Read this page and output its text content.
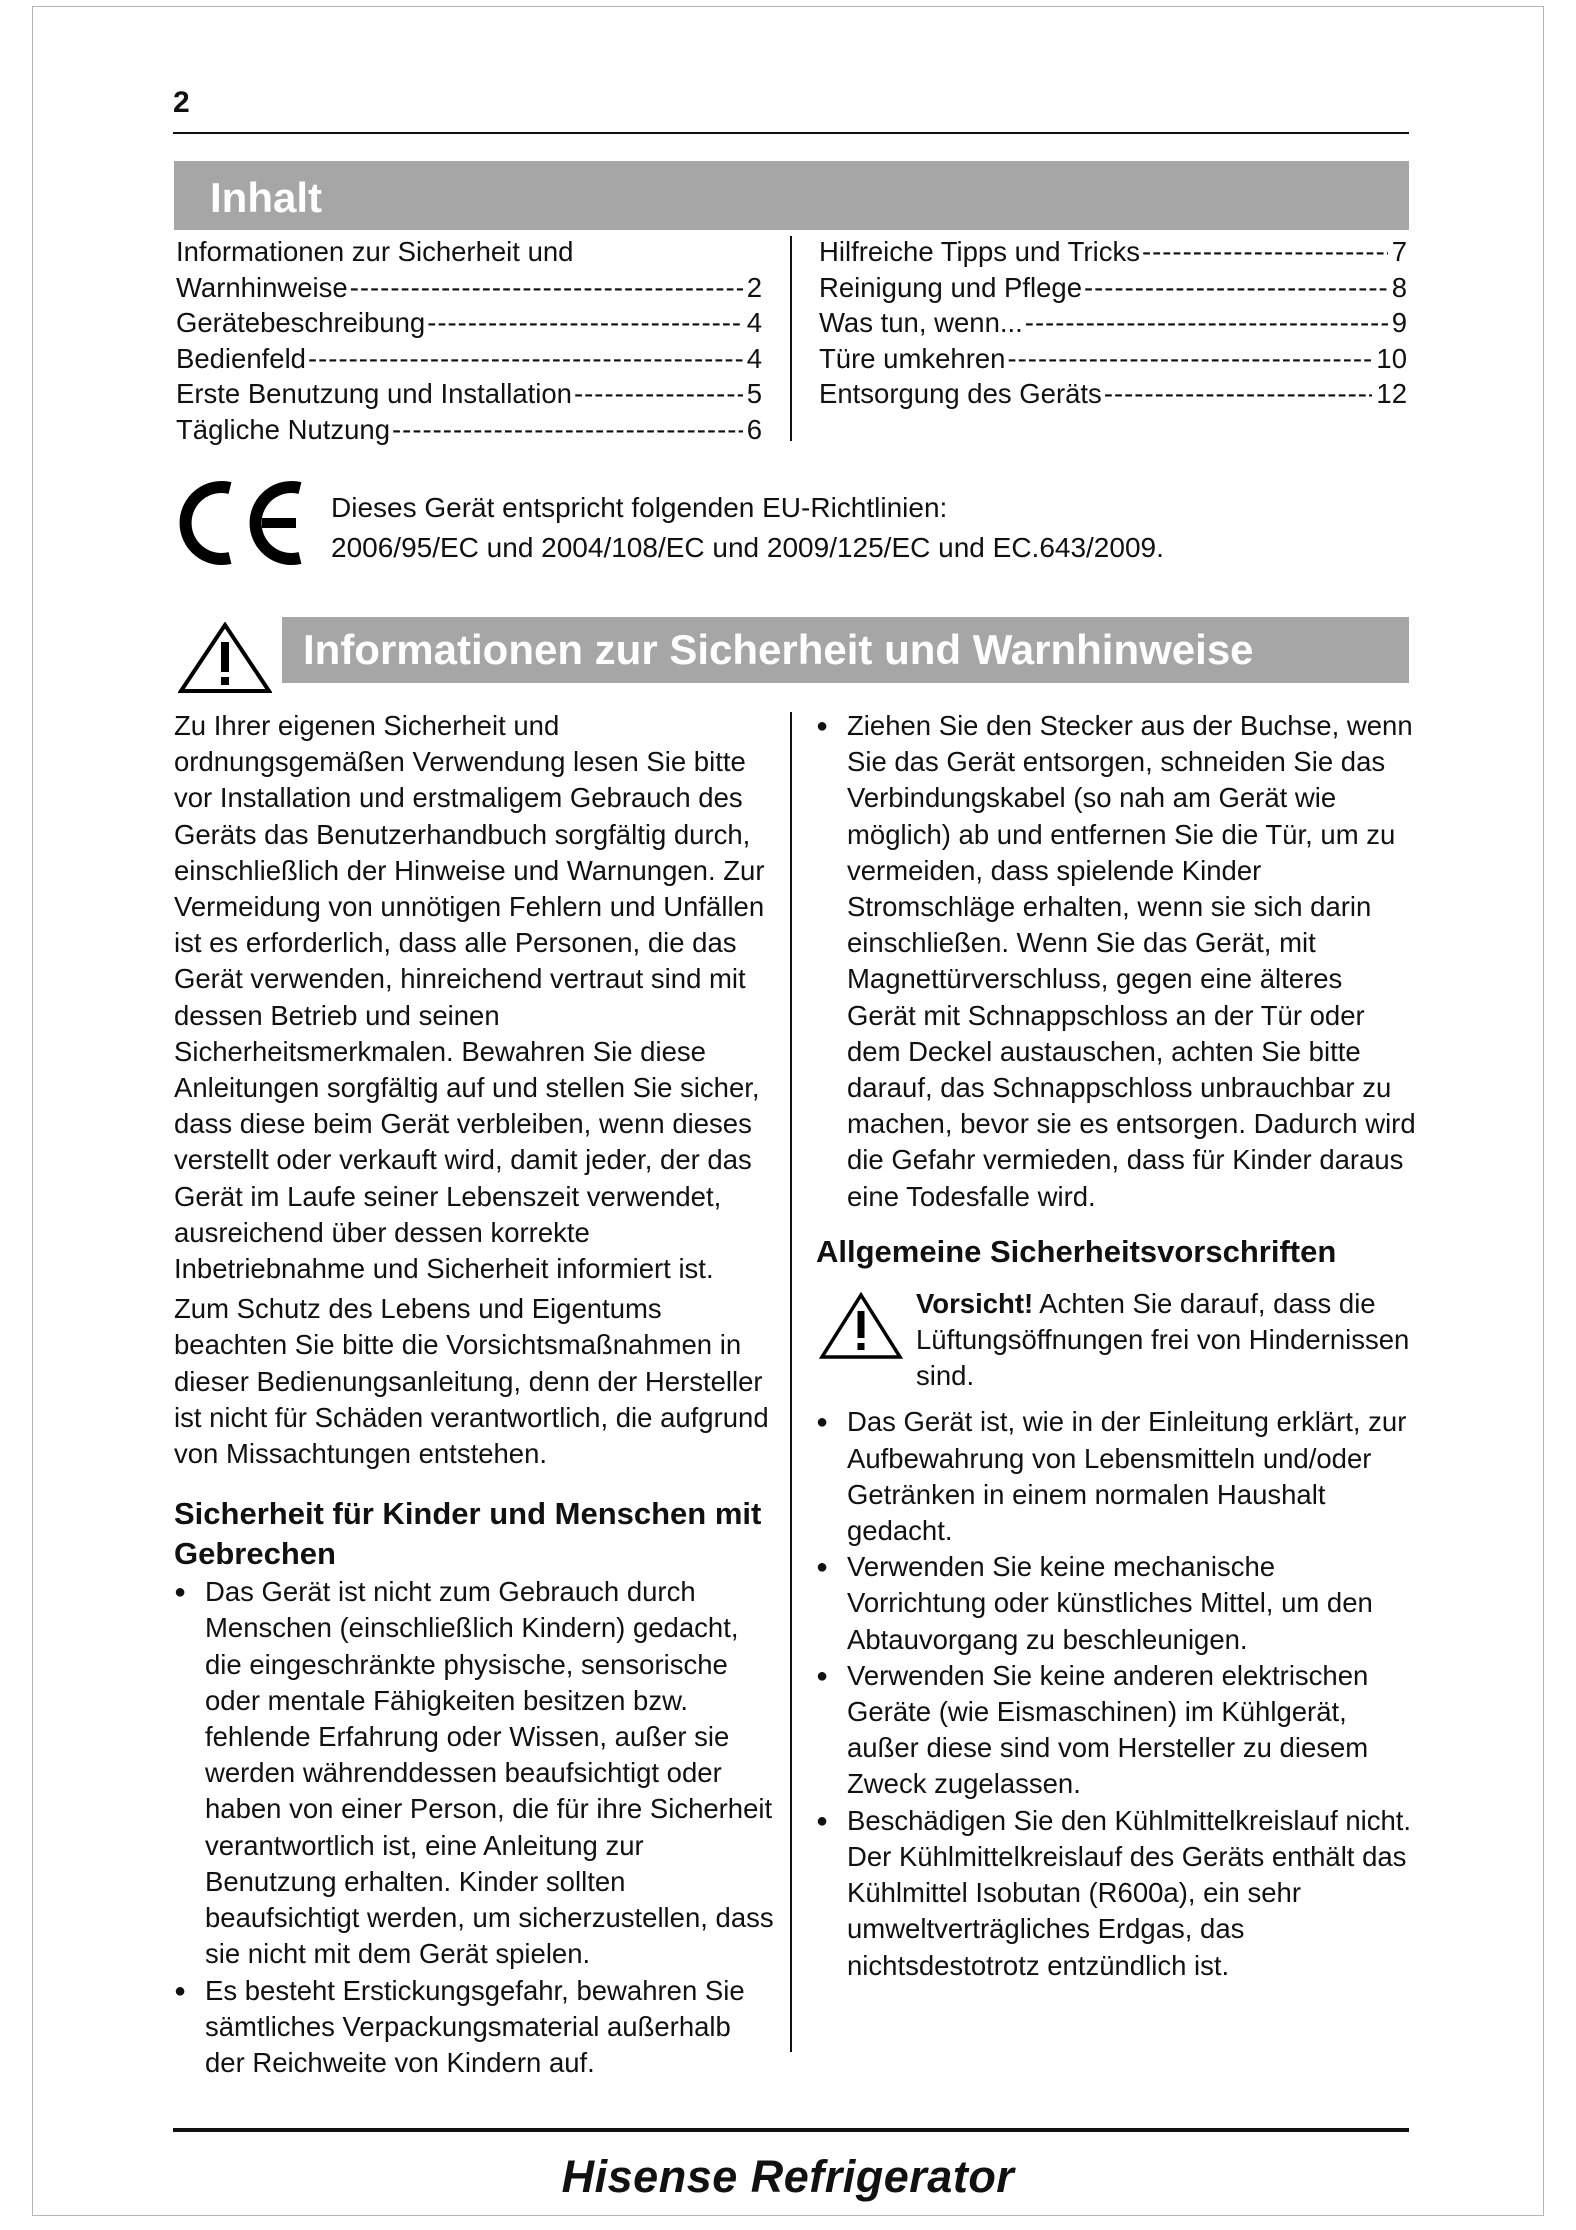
2
Inhalt
Informationen zur Sicherheit und
Warnhinweise -----	2
Gerätebeschreibung -----	4
Bedienfeld -----	4
Erste Benutzung und Installation -----	5
Tägliche Nutzung -----	6
Hilfreiche Tipps und Tricks -----	7
Reinigung und Pflege -----	8
Was tun, wenn... -----	9
Türe umkehren -----	10
Entsorgung des Geräts -----	12
Dieses Gerät entspricht folgenden EU-Richtlinien:
2006/95/EC und 2004/108/EC und 2009/125/EC und EC.643/2009.
Informationen zur Sicherheit und Warnhinweise

Zu Ihrer eigenen Sicherheit und ordnungsgemäßen Verwendung lesen Sie bitte vor Installation und erstmaligem Gebrauch des Geräts das Benutzerhandbuch sorgfältig durch, einschließlich der Hinweise und Warnungen. Zur Vermeidung von unnötigen Fehlern und Unfällen ist es erforderlich, dass alle Personen, die das Gerät verwenden, hinreichend vertraut sind mit dessen Betrieb und seinen Sicherheitsmerkmalen. Bewahren Sie diese Anleitungen sorgfältig auf und stellen Sie sicher, dass diese beim Gerät verbleiben, wenn dieses verstellt oder verkauft wird, damit jeder, der das Gerät im Laufe seiner Lebenszeit verwendet, ausreichend über dessen korrekte Inbetriebnahme und Sicherheit informiert ist.

Zum Schutz des Lebens und Eigentums beachten Sie bitte die Vorsichtsmaßnahmen in dieser Bedienungsanleitung, denn der Hersteller ist nicht für Schäden verantwortlich, die aufgrund von Missachtungen entstehen.

Sicherheit für Kinder und Menschen mit Gebrechen

● Das Gerät ist nicht zum Gebrauch durch Menschen (einschließlich Kindern) gedacht, die eingeschränkte physische, sensorische oder mentale Fähigkeiten besitzen bzw. fehlende Erfahrung oder Wissen, außer sie werden währenddessen beaufsichtigt oder haben von einer Person, die für ihre Sicherheit verantwortlich ist, eine Anleitung zur Benutzung erhalten. Kinder sollten beaufsichtigt werden, um sicherzustellen, dass sie nicht mit dem Gerät spielen.

● Es besteht Erstickungsgefahr, bewahren Sie sämtliches Verpackungsmaterial außerhalb der Reichweite von Kindern auf.

● Ziehen Sie den Stecker aus der Buchse, wenn Sie das Gerät entsorgen, schneiden Sie das Verbindungskabel (so nah am Gerät wie möglich) ab und entfernen Sie die Tür, um zu vermeiden, dass spielende Kinder Stromschläge erhalten, wenn sie sich darin einschließen. Wenn Sie das Gerät, mit Magnettürverschluss, gegen eine älteres Gerät mit Schnappschloss an der Tür oder dem Deckel austauschen, achten Sie bitte darauf, das Schnappschloss unbrauchbar zu machen, bevor sie es entsorgen. Dadurch wird die Gefahr vermieden, dass für Kinder daraus eine Todesfalle wird.

Allgemeine Sicherheitsvorschriften
Vorsicht! Achten Sie darauf, dass die Lüftungsöffnungen frei von Hindernissen sind.

● Das Gerät ist, wie in der Einleitung erklärt, zur Aufbewahrung von Lebensmitteln und/oder Getränken in einem normalen Haushalt gedacht.

● Verwenden Sie keine mechanische Vorrichtung oder künstliches Mittel, um den Abtauvorgang zu beschleunigen.

● Verwenden Sie keine anderen elektrischen Geräte (wie Eismaschinen) im Kühlgerät, außer diese sind vom Hersteller zu diesem Zweck zugelassen.

● Beschädigen Sie den Kühlmittelkreislauf nicht. Der Kühlmittelkreislauf des Geräts enthält das Kühlmittel Isobutan (R600a), ein sehr umweltverträgliches Erdgas, das nichtsdestotrotz entzündlich ist.

Hisense Refrigerator
